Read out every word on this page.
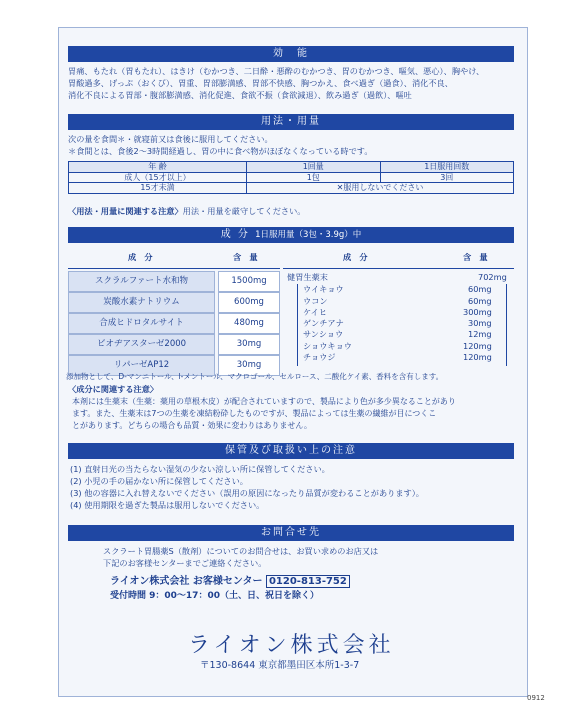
効　能
胃痛、もたれ（胃もたれ）、はきけ（むかつき、二日酔・悪酔のむかつき、胃のむかつき、嘔気、悪心）、胸やけ、
胃酸過多、げっぷ（おくび）、胃重、胃部膨満感、胃部不快感、胸つかえ、食べ過ぎ（過食）、消化不良、
消化不良による胃部・腹部膨満感、消化促進、食欲不振（食欲減退）、飲み過ぎ（過飲）、嘔吐
用法・用量
次の量を食間＊・就寝前又は食後に服用してください。
＊食間とは、食後2〜3時間経過し、胃の中に食べ物がほぼなくなっている時です。
年 齢	1回量	1日服用回数
成人（15才以上）	1包	3回
15才未満	✕服用しないでください	
〈用法・用量に関連する注意〉用法・用量を厳守してください。
成 分 1日服用量（3包・3.9g）中
成　分	含　量
スクラルファート水和物	1500mg
炭酸水素ナトリウム	600mg
合成ヒドロタルサイト	480mg
ビオヂアスターゼ2000	30mg
リパーゼAP12	30mg
成　分	含　量
健胃生薬末	702mg
ウイキョウ	60mg
ウコン	60mg
ケイヒ	300mg
ゲンチアナ	30mg
サンショウ	12mg
ショウキョウ	120mg
チョウジ	120mg
添加物として、D-マンニトール、l-メントール、マクロゴール、セルロース、二酸化ケイ素、香料を含有します。
〈成分に関連する注意〉
本剤には生薬末（生薬：薬用の草根木皮）が配合されていますので、製品により色が多少異なることがあり
ます。また、生薬末は7つの生薬を凍結粉砕したものですが、製品によっては生薬の繊維が目につくこ
とがあります。どちらの場合も品質・効果に変わりはありません。
保管及び取扱い上の注意
(1) 直射日光の当たらない湿気の少ない涼しい所に保管してください。
(2) 小児の手の届かない所に保管してください。
(3) 他の容器に入れ替えないでください（誤用の原因になったり品質が変わることがあります）。
(4) 使用期限を過ぎた製品は服用しないでください。
お問合せ先
スクラート胃腸薬S（散剤）についてのお問合せは、お買い求めのお店又は
下記のお客様センターまでご連絡ください。
ライオン株式会社 お客様センター 0120-813-752
受付時間 9：00〜17：00（土、日、祝日を除く）
ライオン株式会社
〒130-8644 東京都墨田区本所1-3-7
0912
